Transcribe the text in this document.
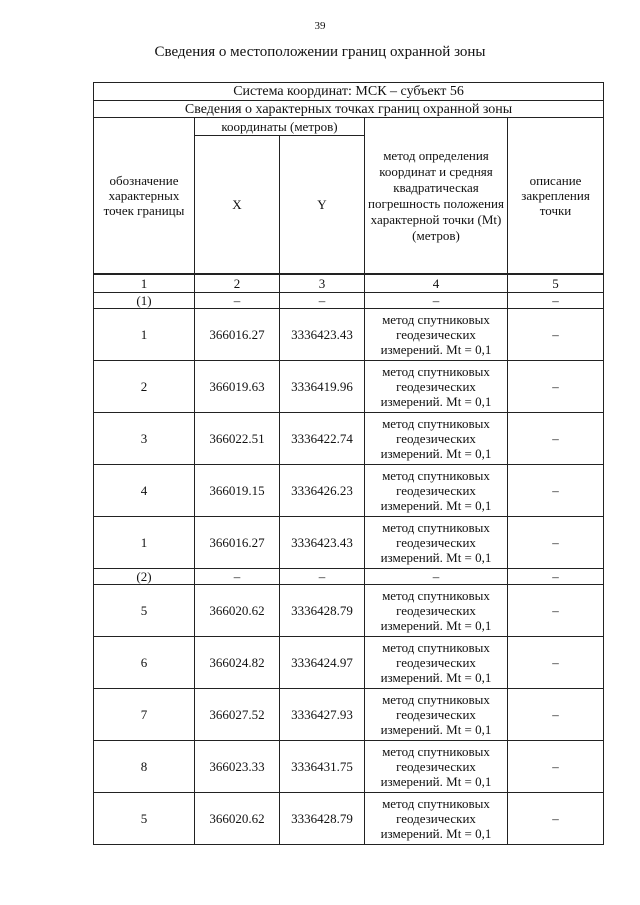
39
Сведения о местоположении границ охранной зоны
Система координат: МСК – субъект 56				
Сведения о характерных точках границ охранной зоны				
обозначение характерных точек границы	координаты (метров)		метод определения координат и средняя квадратическая погрешность положения характерной точки (Mt) (метров)	описание закрепления точки
	X	Y		
1	2	3	4	5
(1)	–	–	–	–
1	366016.27	3336423.43	метод спутниковых геодезических измерений. Mt = 0,1	–
2	366019.63	3336419.96	метод спутниковых геодезических измерений. Mt = 0,1	–
3	366022.51	3336422.74	метод спутниковых геодезических измерений. Mt = 0,1	–
4	366019.15	3336426.23	метод спутниковых геодезических измерений. Mt = 0,1	–
1	366016.27	3336423.43	метод спутниковых геодезических измерений. Mt = 0,1	–
(2)	–	–	–	–
5	366020.62	3336428.79	метод спутниковых геодезических измерений. Mt = 0,1	–
6	366024.82	3336424.97	метод спутниковых геодезических измерений. Mt = 0,1	–
7	366027.52	3336427.93	метод спутниковых геодезических измерений. Mt = 0,1	–
8	366023.33	3336431.75	метод спутниковых геодезических измерений. Mt = 0,1	–
5	366020.62	3336428.79	метод спутниковых геодезических измерений. Mt = 0,1	–
